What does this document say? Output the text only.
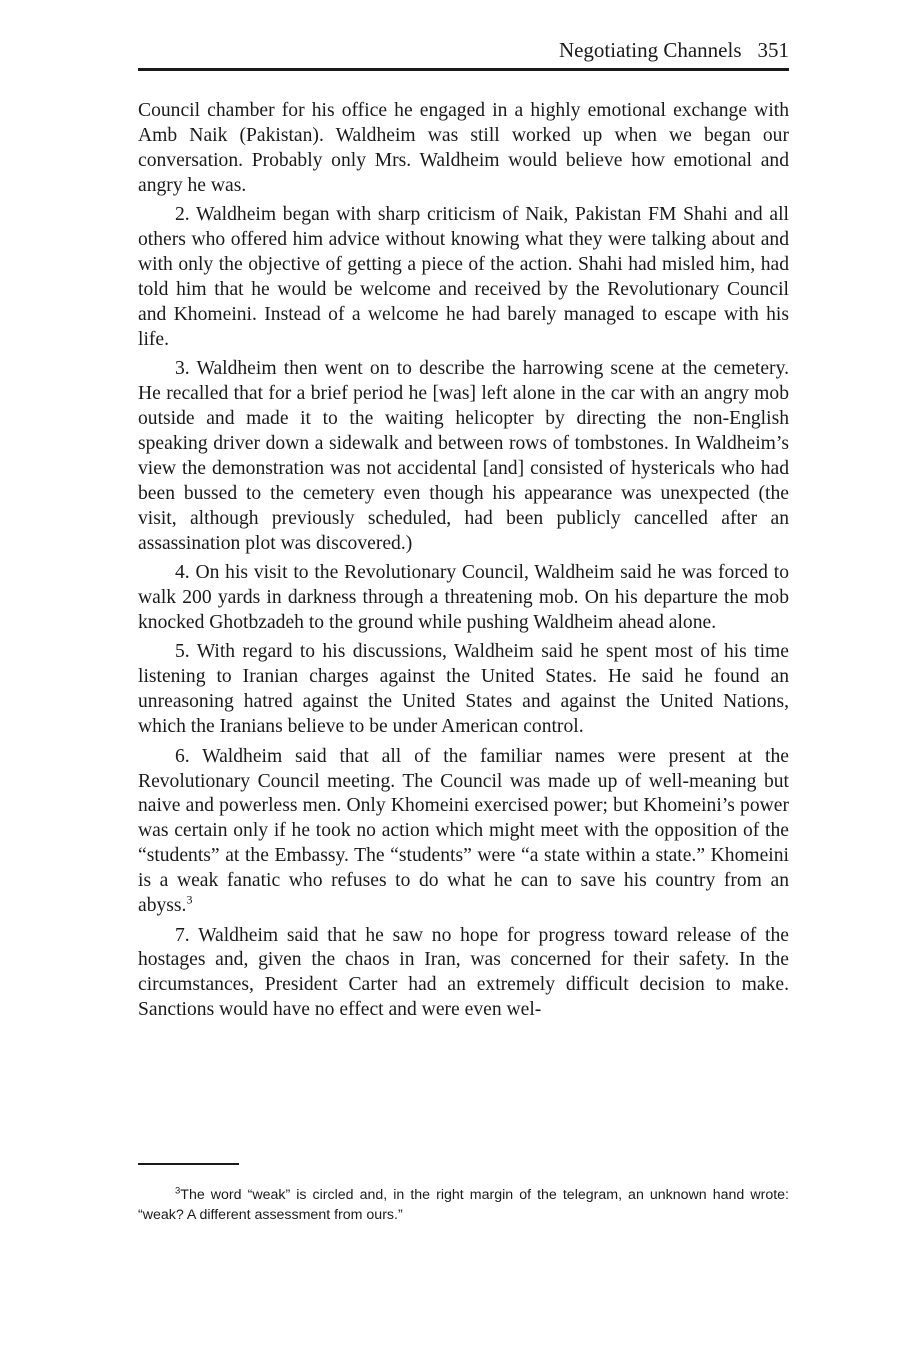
Negotiating Channels 351

Council chamber for his office he engaged in a highly emotional exchange with Amb Naik (Pakistan). Waldheim was still worked up when we began our conversation. Probably only Mrs. Waldheim would believe how emotional and angry he was.

2. Waldheim began with sharp criticism of Naik, Pakistan FM Shahi and all others who offered him advice without knowing what they were talking about and with only the objective of getting a piece of the action. Shahi had misled him, had told him that he would be welcome and received by the Revolutionary Council and Khomeini. Instead of a welcome he had barely managed to escape with his life.

3. Waldheim then went on to describe the harrowing scene at the cemetery. He recalled that for a brief period he [was] left alone in the car with an angry mob outside and made it to the waiting helicopter by directing the non-English speaking driver down a sidewalk and between rows of tombstones. In Waldheim’s view the demonstration was not accidental [and] consisted of hystericals who had been bussed to the cemetery even though his appearance was unexpected (the visit, although previously scheduled, had been publicly cancelled after an assassination plot was discovered.)

4. On his visit to the Revolutionary Council, Waldheim said he was forced to walk 200 yards in darkness through a threatening mob. On his departure the mob knocked Ghotbzadeh to the ground while pushing Waldheim ahead alone.

5. With regard to his discussions, Waldheim said he spent most of his time listening to Iranian charges against the United States. He said he found an unreasoning hatred against the United States and against the United Nations, which the Iranians believe to be under American control.

6. Waldheim said that all of the familiar names were present at the Revolutionary Council meeting. The Council was made up of well-meaning but naive and powerless men. Only Khomeini exercised power; but Khomeini’s power was certain only if he took no action which might meet with the opposition of the “students” at the Embassy. The “students” were “a state within a state.” Khomeini is a weak fanatic who refuses to do what he can to save his country from an abyss.$^3$

7. Waldheim said that he saw no hope for progress toward release of the hostages and, given the chaos in Iran, was concerned for their safety. In the circumstances, President Carter had an extremely difficult decision to make. Sanctions would have no effect and were even wel-

$^3$The word “weak” is circled and, in the right margin of the telegram, an unknown hand wrote: “weak? A different assessment from ours.”
